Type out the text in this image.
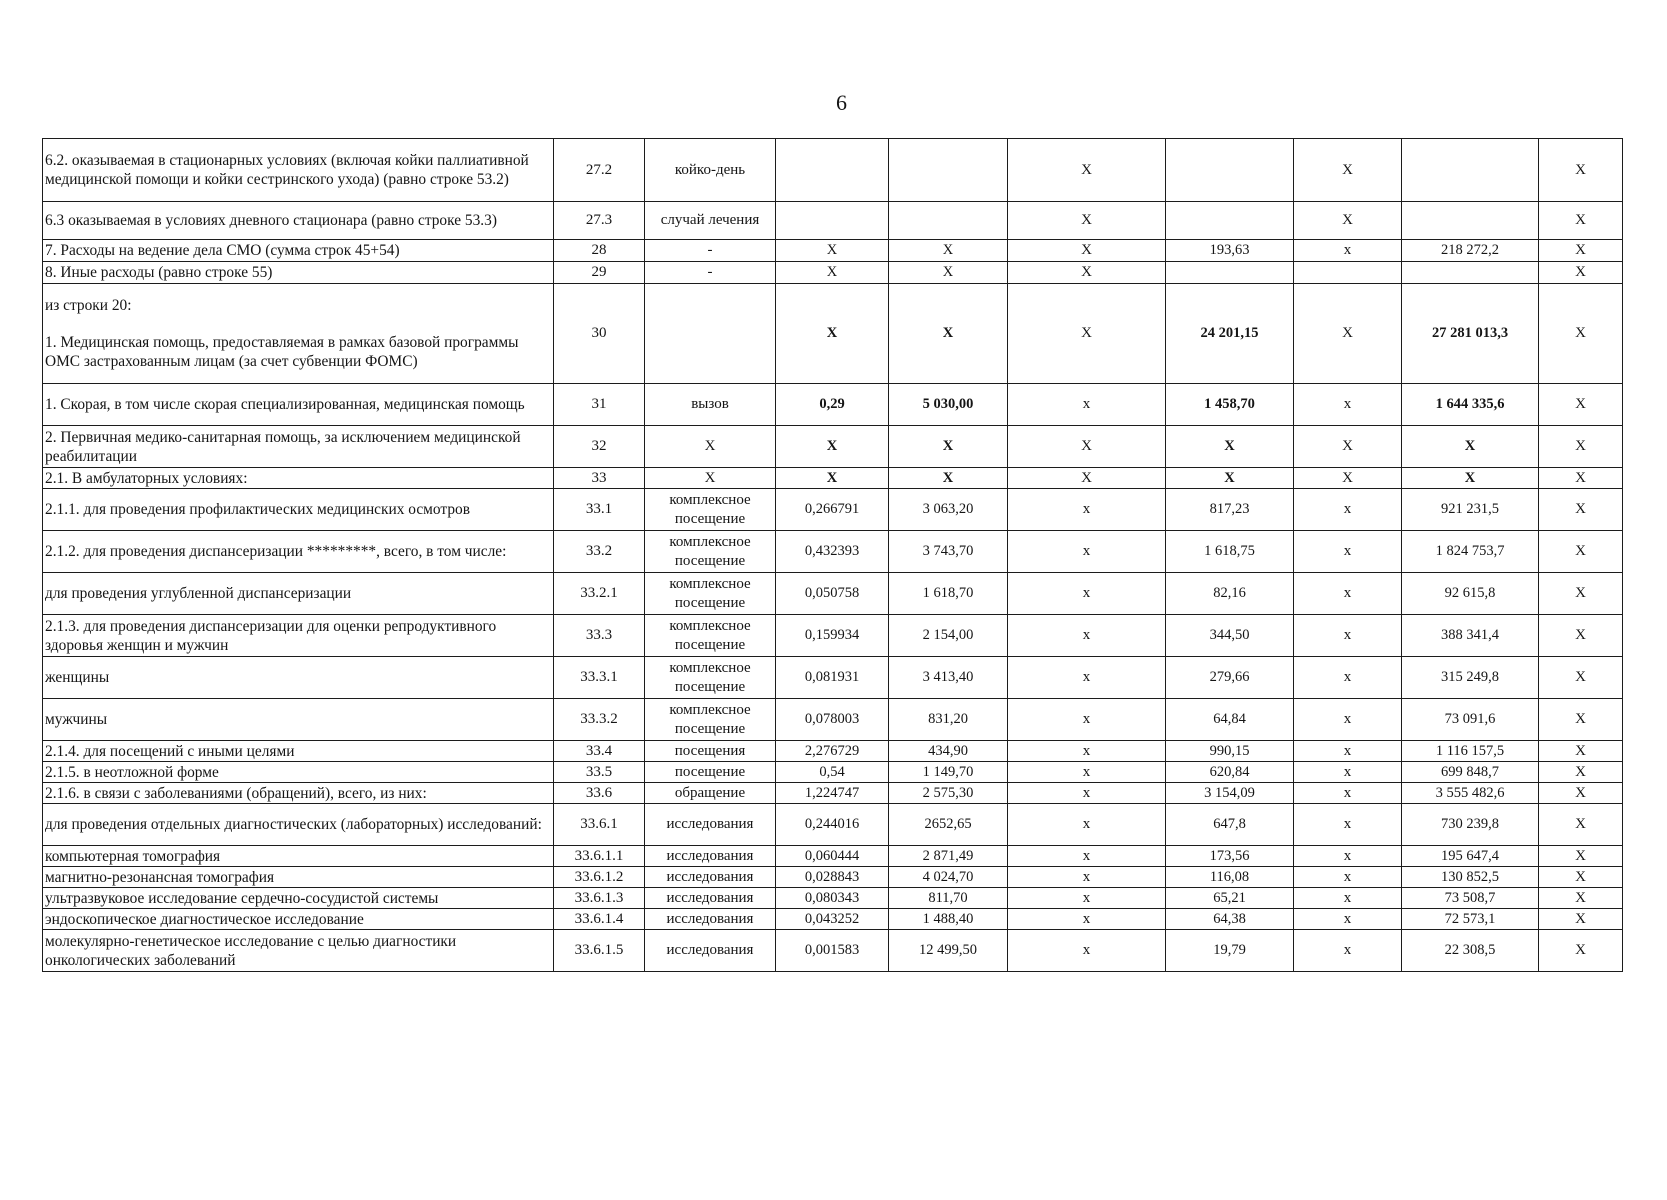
6
6.2. оказываемая в стационарных условиях (включая койки паллиативной медицинской помощи и койки сестринского ухода) (равно строке 53.2)	27.2	койко-день			X		X		X
6.3 оказываемая в условиях дневного стационара (равно строке 53.3)	27.3	случай лечения			X		X		X
7. Расходы на ведение дела СМО (сумма строк 45+54)	28	-	X	X	X	193,63	x	218 272,2	X
8. Иные расходы (равно строке 55)	29	-	X	X	X				X

из строки 20:
1. Медицинская помощь, предоставляемая в рамках базовой программы ОМС застрахованным лицам (за счет субвенции ФОМС)	30		X	X	X	24 201,15	X	27 281 013,3	X
1. Скорая, в том числе скорая специализированная, медицинская помощь	31	вызов	0,29	5 030,00	x	1 458,70	x	1 644 335,6	X
2. Первичная медико-санитарная помощь, за исключением медицинской реабилитации	32	X	X	X	X	X	X	X	X
2.1. В амбулаторных условиях:	33	X	X	X	X	X	X	X	X
2.1.1. для проведения профилактических медицинских осмотров	33.1	комплексное посещение	0,266791	3 063,20	x	817,23	x	921 231,5	X
2.1.2. для проведения диспансеризации *********, всего, в том числе:	33.2	комплексное посещение	0,432393	3 743,70	x	1 618,75	x	1 824 753,7	X
для проведения углубленной диспансеризации	33.2.1	комплексное посещение	0,050758	1 618,70	x	82,16	x	92 615,8	X
2.1.3. для проведения диспансеризации для оценки репродуктивного здоровья женщин и мужчин	33.3	комплексное посещение	0,159934	2 154,00	x	344,50	x	388 341,4	X
женщины	33.3.1	комплексное посещение	0,081931	3 413,40	x	279,66	x	315 249,8	X
мужчины	33.3.2	комплексное посещение	0,078003	831,20	x	64,84	x	73 091,6	X
2.1.4. для посещений с иными целями	33.4	посещения	2,276729	434,90	x	990,15	x	1 116 157,5	X
2.1.5. в неотложной форме	33.5	посещение	0,54	1 149,70	x	620,84	x	699 848,7	X
2.1.6. в связи с заболеваниями (обращений), всего, из них:	33.6	обращение	1,224747	2 575,30	x	3 154,09	x	3 555 482,6	X
для проведения отдельных диагностических (лабораторных) исследований:	33.6.1	исследования	0,244016	2652,65	x	647,8	x	730 239,8	X
компьютерная томография	33.6.1.1	исследования	0,060444	2 871,49	x	173,56	x	195 647,4	X
магнитно-резонансная томография	33.6.1.2	исследования	0,028843	4 024,70	x	116,08	x	130 852,5	X
ультразвуковое исследование сердечно-сосудистой системы	33.6.1.3	исследования	0,080343	811,70	x	65,21	x	73 508,7	X
эндоскопическое диагностическое исследование	33.6.1.4	исследования	0,043252	1 488,40	x	64,38	x	72 573,1	X
молекулярно-генетическое исследование с целью диагностики онкологических заболеваний	33.6.1.5	исследования	0,001583	12 499,50	x	19,79	x	22 308,5	X
